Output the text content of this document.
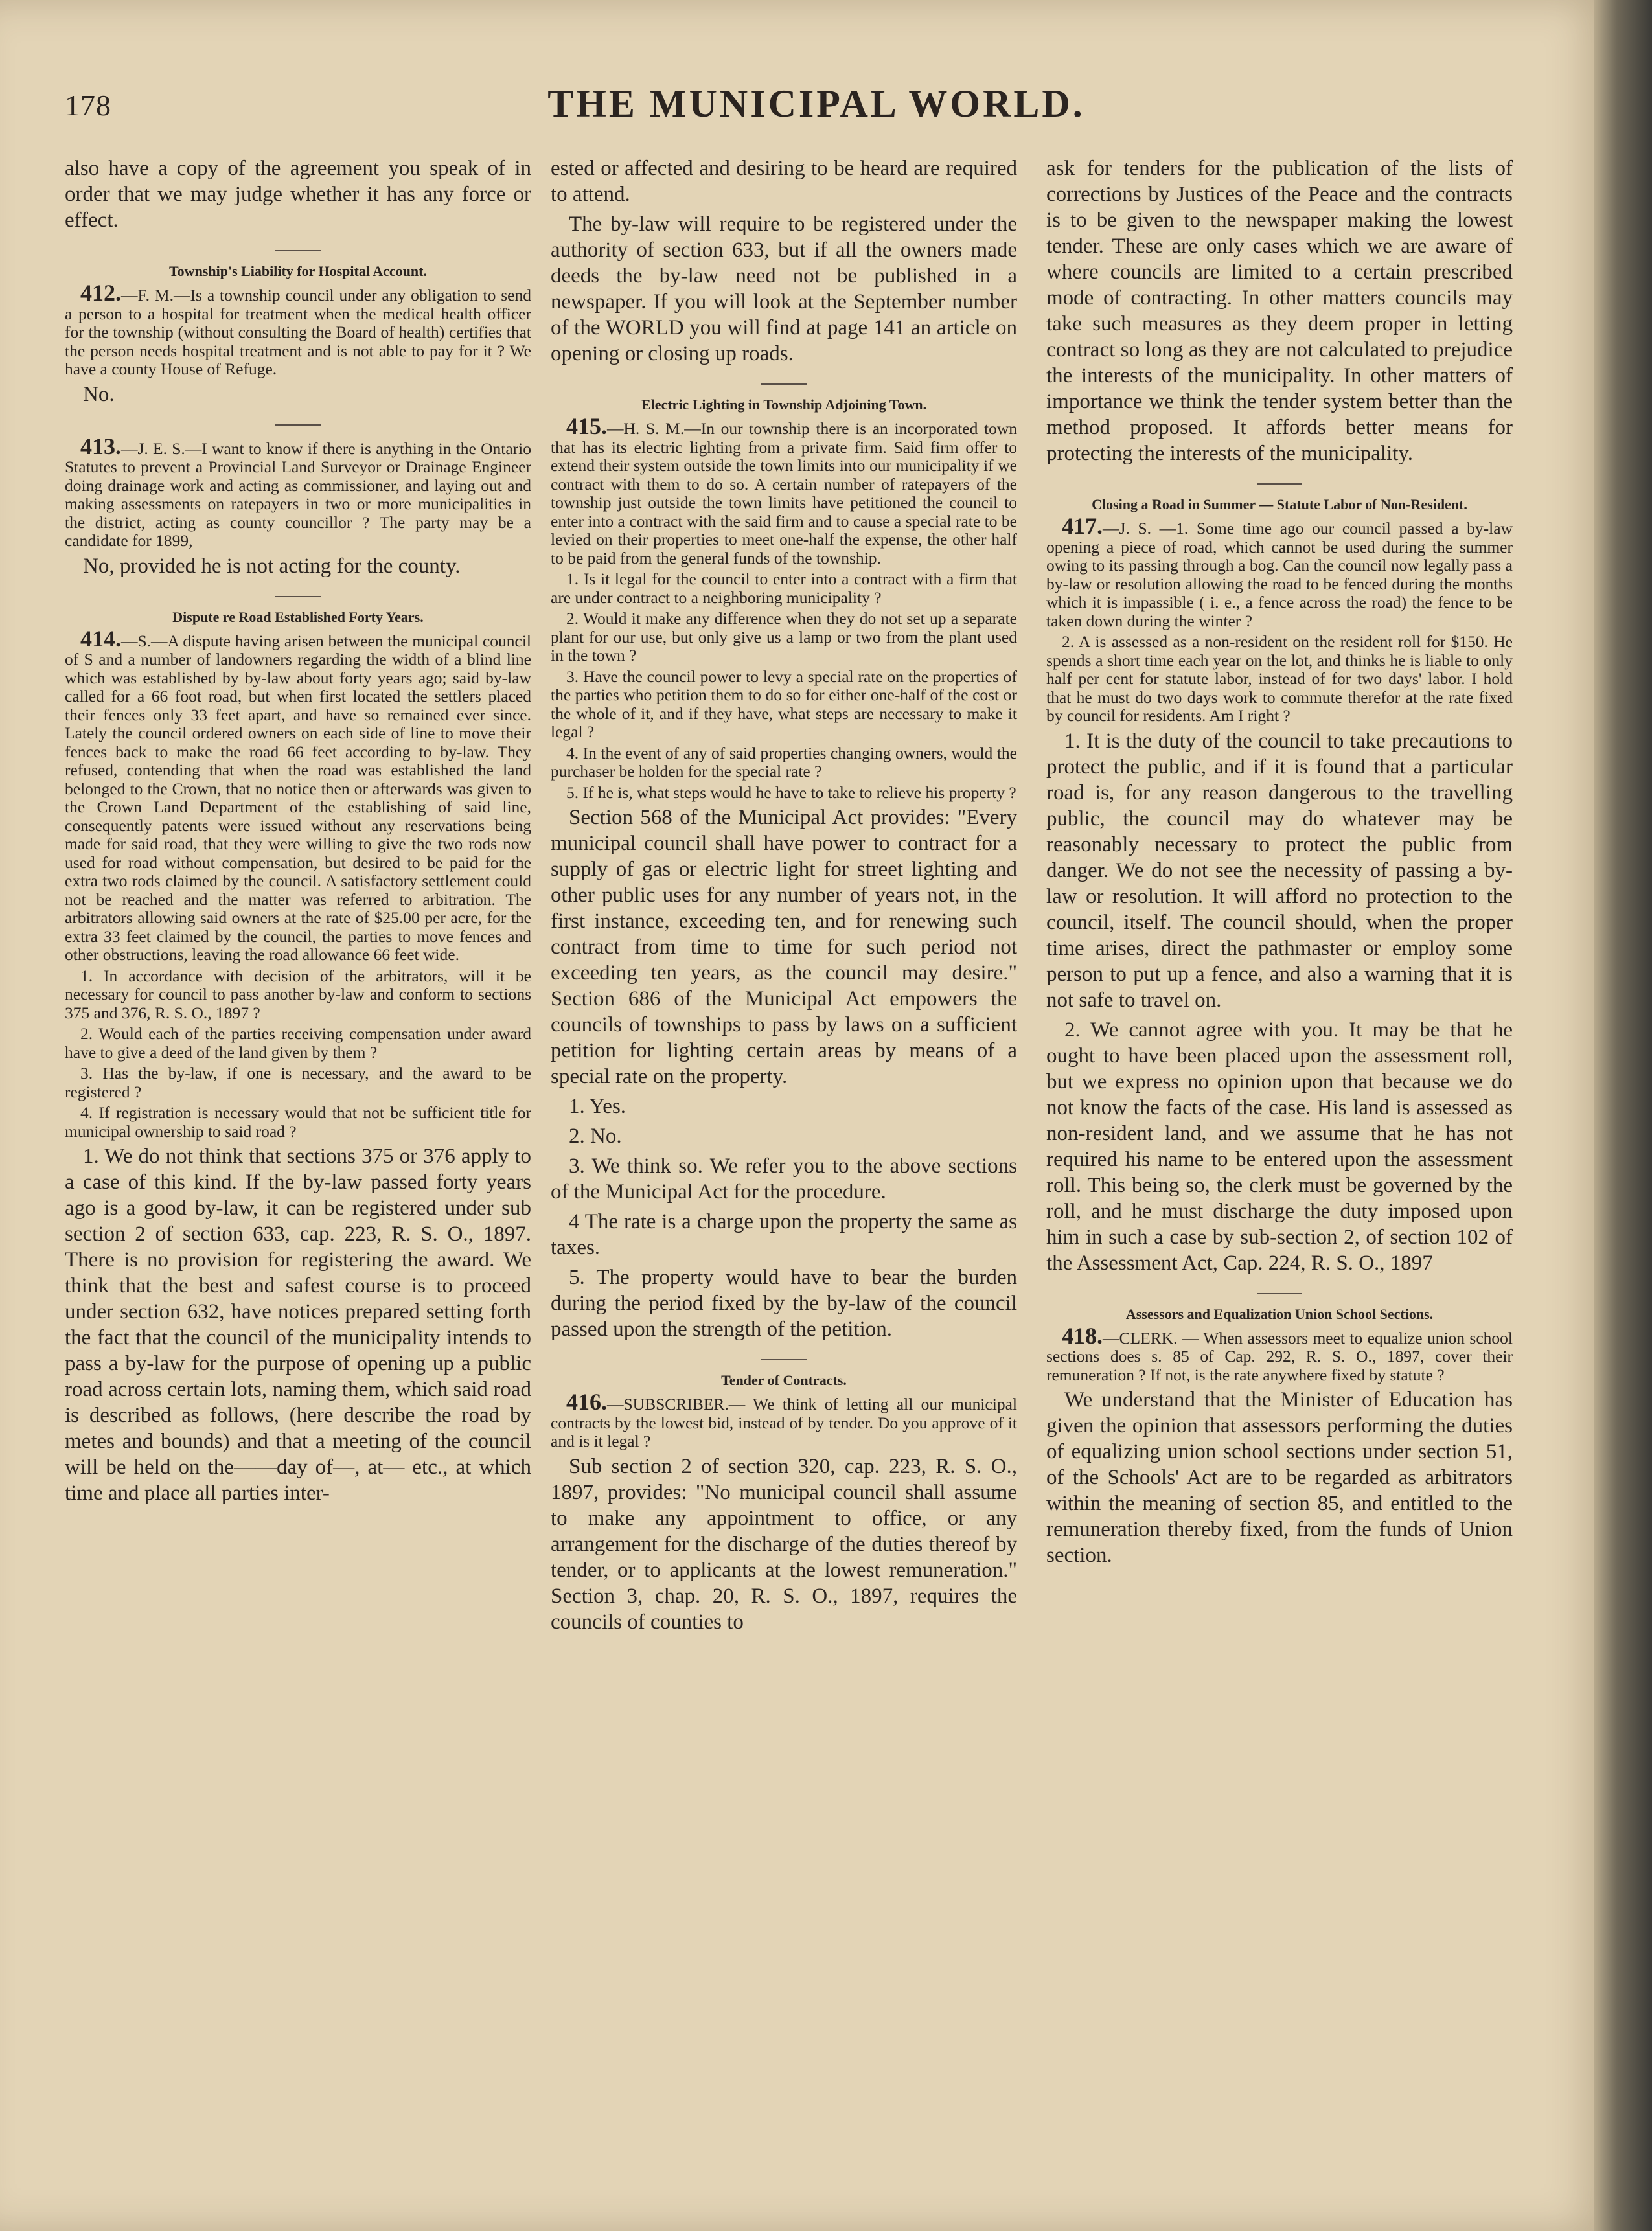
178	THE MUNICIPAL WORLD.

also have a copy of the agreement you speak of in order that we may judge whether it has any force or effect.

Township's Liability for Hospital Account.

412.—F. M.—Is a township council under any obligation to send a person to a hospital for treatment when the medical health officer for the township (without consulting the Board of health) certifies that the person needs hospital treatment and is not able to pay for it ? We have a county House of Refuge.

No.

413.—J. E. S.—I want to know if there is anything in the Ontario Statutes to prevent a Provincial Land Surveyor or Drainage Engineer doing drainage work and acting as commissioner, and laying out and making assessments on ratepayers in two or more municipalities in the district, acting as county councillor ? The party may be a candidate for 1899,

No, provided he is not acting for the county.

Dispute re Road Established Forty Years.

414.—S.—A dispute having arisen between the municipal council of S and a number of landowners regarding the width of a blind line which was established by by-law about forty years ago; said by-law called for a 66 foot road, but when first located the settlers placed their fences only 33 feet apart, and have so remained ever since. Lately the council ordered owners on each side of line to move their fences back to make the road 66 feet according to by-law. They refused, contending that when the road was established the land belonged to the Crown, that no notice then or afterwards was given to the Crown Land Department of the establishing of said line, consequently patents were issued without any reservations being made for said road, that they were willing to give the two rods now used for road without compensation, but desired to be paid for the extra two rods claimed by the council. A satisfactory settlement could not be reached and the matter was referred to arbitration. The arbitrators allowing said owners at the rate of $25.00 per acre, for the extra 33 feet claimed by the council, the parties to move fences and other obstructions, leaving the road allowance 66 feet wide.

1. In accordance with decision of the arbitrators, will it be necessary for council to pass another by-law and conform to sections 375 and 376, R. S. O., 1897 ?

2. Would each of the parties receiving compensation under award have to give a deed of the land given by them ?

3. Has the by-law, if one is necessary, and the award to be registered ?

4. If registration is necessary would that not be sufficient title for municipal ownership to said road ?

1. We do not think that sections 375 or 376 apply to a case of this kind. If the by-law passed forty years ago is a good by-law, it can be registered under sub section 2 of section 633, cap. 223, R. S. O., 1897. There is no provision for registering the award. We think that the best and safest course is to proceed under section 632, have notices prepared setting forth the fact that the council of the municipality intends to pass a by-law for the purpose of opening up a public road across certain lots, naming them, which said road is described as follows, (here describe the road by metes and bounds) and that a meeting of the council will be held on the——day of—, at— etc., at which time and place all parties inter-

ested or affected and desiring to be heard are required to attend.

The by-law will require to be registered under the authority of section 633, but if all the owners made deeds the by-law need not be published in a newspaper. If you will look at the September number of the WORLD you will find at page 141 an article on opening or closing up roads.

Electric Lighting in Township Adjoining Town.

415.—H. S. M.—In our township there is an incorporated town that has its electric lighting from a private firm. Said firm offer to extend their system outside the town limits into our municipality if we contract with them to do so. A certain number of ratepayers of the township just outside the town limits have petitioned the council to enter into a contract with the said firm and to cause a special rate to be levied on their properties to meet one-half the expense, the other half to be paid from the general funds of the township.

1. Is it legal for the council to enter into a contract with a firm that are under contract to a neighboring municipality ?

2. Would it make any difference when they do not set up a separate plant for our use, but only give us a lamp or two from the plant used in the town ?

3. Have the council power to levy a special rate on the properties of the parties who petition them to do so for either one-half of the cost or the whole of it, and if they have, what steps are necessary to make it legal ?

4. In the event of any of said properties changing owners, would the purchaser be holden for the special rate ?

5. If he is, what steps would he have to take to relieve his property ?

Section 568 of the Municipal Act provides: "Every municipal council shall have power to contract for a supply of gas or electric light for street lighting and other public uses for any number of years not, in the first instance, exceeding ten, and for renewing such contract from time to time for such period not exceeding ten years, as the council may desire." Section 686 of the Municipal Act empowers the councils of townships to pass by laws on a sufficient petition for lighting certain areas by means of a special rate on the property.

1. Yes.

2. No.

3. We think so. We refer you to the above sections of the Municipal Act for the procedure.

4 The rate is a charge upon the property the same as taxes.

5. The property would have to bear the burden during the period fixed by the by-law of the council passed upon the strength of the petition.

Tender of Contracts.

416.—SUBSCRIBER.— We think of letting all our municipal contracts by the lowest bid, instead of by tender. Do you approve of it and is it legal ?

Sub section 2 of section 320, cap. 223, R. S. O., 1897, provides: "No municipal council shall assume to make any appointment to office, or any arrangement for the discharge of the duties thereof by tender, or to applicants at the lowest remuneration." Section 3, chap. 20, R. S. O., 1897, requires the councils of counties to

ask for tenders for the publication of the lists of corrections by Justices of the Peace and the contracts is to be given to the newspaper making the lowest tender. These are only cases which we are aware of where councils are limited to a certain prescribed mode of contracting. In other matters councils may take such measures as they deem proper in letting contract so long as they are not calculated to prejudice the interests of the municipality. In other matters of importance we think the tender system better than the method proposed. It affords better means for protecting the interests of the municipality.

Closing a Road in Summer — Statute Labor of Non-Resident.

417.—J. S. —1. Some time ago our council passed a by-law opening a piece of road, which cannot be used during the summer owing to its passing through a bog. Can the council now legally pass a by-law or resolution allowing the road to be fenced during the months which it is impassible ( i. e., a fence across the road) the fence to be taken down during the winter ?

2. A is assessed as a non-resident on the resident roll for $150. He spends a short time each year on the lot, and thinks he is liable to only half per cent for statute labor, instead of for two days' labor. I hold that he must do two days work to commute therefor at the rate fixed by council for residents. Am I right ?

1. It is the duty of the council to take precautions to protect the public, and if it is found that a particular road is, for any reason dangerous to the travelling public, the council may do whatever may be reasonably necessary to protect the public from danger. We do not see the necessity of passing a by-law or resolution. It will afford no protection to the council, itself. The council should, when the proper time arises, direct the pathmaster or employ some person to put up a fence, and also a warning that it is not safe to travel on.

2. We cannot agree with you. It may be that he ought to have been placed upon the assessment roll, but we express no opinion upon that because we do not know the facts of the case. His land is assessed as non-resident land, and we assume that he has not required his name to be entered upon the assessment roll. This being so, the clerk must be governed by the roll, and he must discharge the duty imposed upon him in such a case by sub-section 2, of section 102 of the Assessment Act, Cap. 224, R. S. O., 1897

Assessors and Equalization Union School Sections.

418.—CLERK. — When assessors meet to equalize union school sections does s. 85 of Cap. 292, R. S. O., 1897, cover their remuneration ? If not, is the rate anywhere fixed by statute ?

We understand that the Minister of Education has given the opinion that assessors performing the duties of equalizing union school sections under section 51, of the Schools' Act are to be regarded as arbitrators within the meaning of section 85, and entitled to the remuneration thereby fixed, from the funds of Union section.
